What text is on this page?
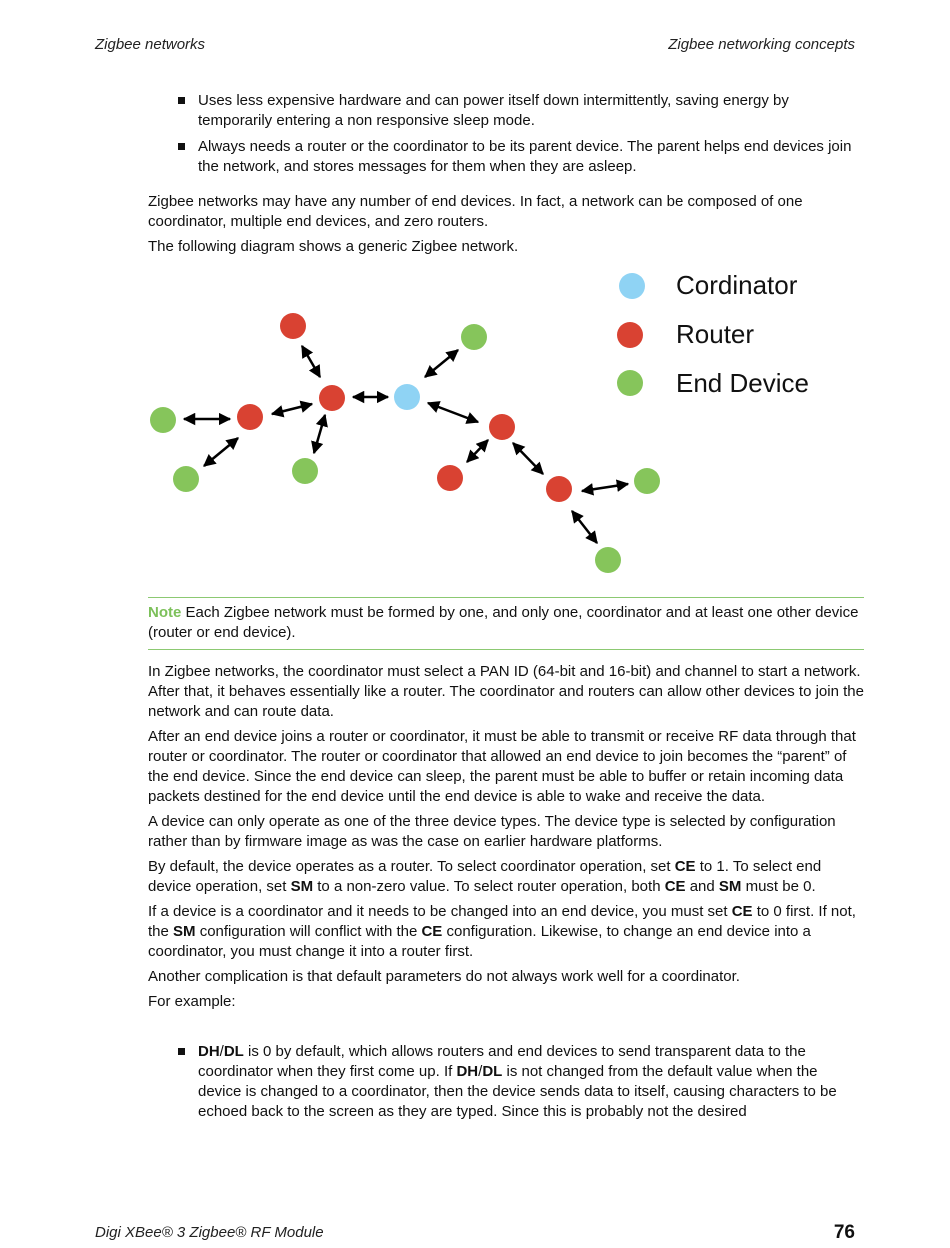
Zigbee networks	Zigbee networking concepts
Uses less expensive hardware and can power itself down intermittently, saving energy by temporarily entering a non responsive sleep mode.
Always needs a router or the coordinator to be its parent device. The parent helps end devices join the network, and stores messages for them when they are asleep.

Zigbee networks may have any number of end devices. In fact, a network can be composed of one coordinator, multiple end devices, and zero routers.

The following diagram shows a generic Zigbee network.

Cordinator
Router
End Device
Note Each Zigbee network must be formed by one, and only one, coordinator and at least one other device (router or end device).

In Zigbee networks, the coordinator must select a PAN ID (64-bit and 16-bit) and channel to start a network. After that, it behaves essentially like a router. The coordinator and routers can allow other devices to join the network and can route data.

After an end device joins a router or coordinator, it must be able to transmit or receive RF data through that router or coordinator. The router or coordinator that allowed an end device to join becomes the “parent” of the end device. Since the end device can sleep, the parent must be able to buffer or retain incoming data packets destined for the end device until the end device is able to wake and receive the data.

A device can only operate as one of the three device types. The device type is selected by configuration rather than by firmware image as was the case on earlier hardware platforms.

By default, the device operates as a router. To select coordinator operation, set CE to 1. To select end device operation, set SM to a non-zero value. To select router operation, both CE and SM must be 0.

If a device is a coordinator and it needs to be changed into an end device, you must set CE to 0 first. If not, the SM configuration will conflict with the CE configuration. Likewise, to change an end device into a coordinator, you must change it into a router first.

Another complication is that default parameters do not always work well for a coordinator.

For example:

DH/DL is 0 by default, which allows routers and end devices to send transparent data to the coordinator when they first come up. If DH/DL is not changed from the default value when the device is changed to a coordinator, then the device sends data to itself, causing characters to be echoed back to the screen as they are typed. Since this is probably not the desired
Digi XBee® 3 Zigbee® RF Module	76
